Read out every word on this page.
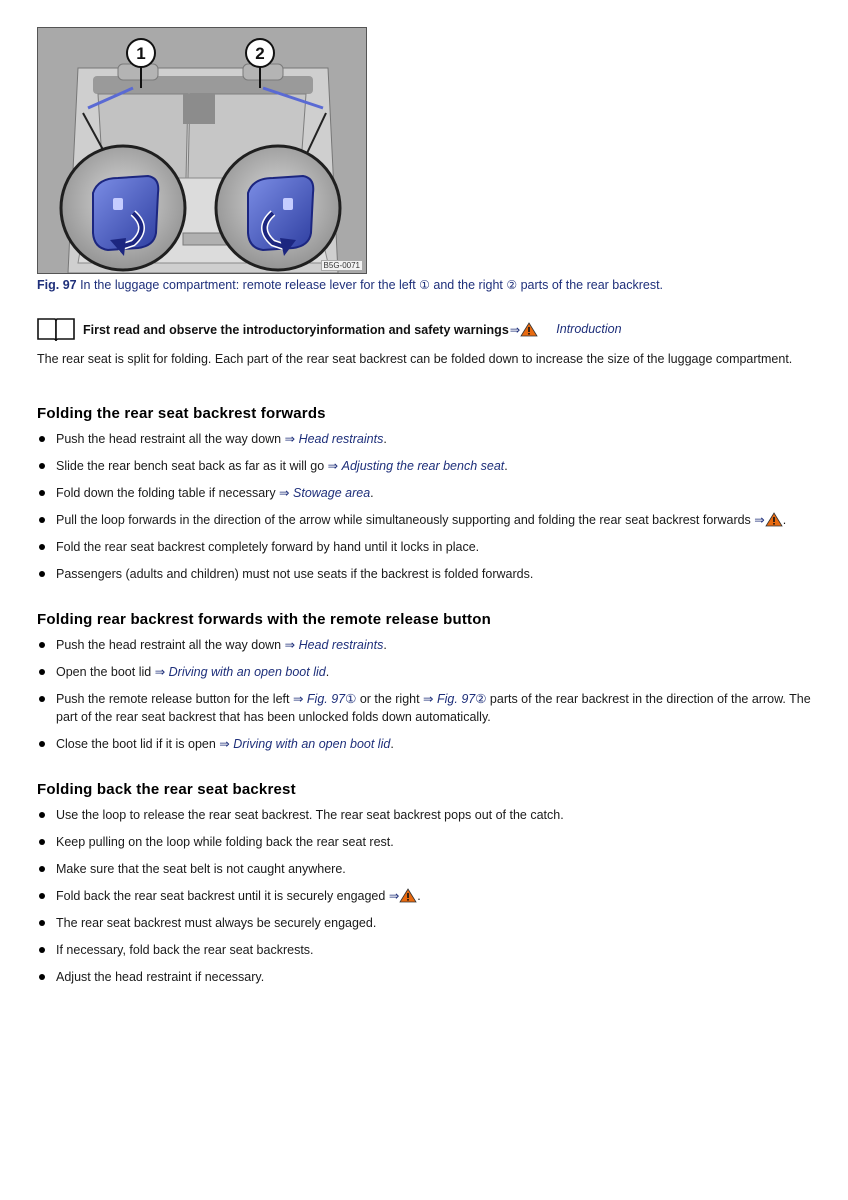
1	2
B5G-0071
Fig. 97 In the luggage compartment: remote release lever for the left ① and the right ② parts of the rear backrest.
First read and observe the introductoryinformation and safety warnings⇒	Introduction
The rear seat is split for folding. Each part of the rear seat backrest can be folded down to increase the size of the luggage compartment.
Folding the rear seat backrest forwards
Push the head restraint all the way down ⇒ Head restraints.
Slide the rear bench seat back as far as it will go ⇒ Adjusting the rear bench seat.
Fold down the folding table if necessary ⇒ Stowage area.
Pull the loop forwards in the direction of the arrow while simultaneously supporting and folding the rear seat backrest forwards ⇒ .
Fold the rear seat backrest completely forward by hand until it locks in place.
Passengers (adults and children) must not use seats if the backrest is folded forwards.
Folding rear backrest forwards with the remote release button
Push the head restraint all the way down ⇒ Head restraints.
Open the boot lid ⇒ Driving with an open boot lid.
Push the remote release button for the left ⇒ Fig. 97① or the right ⇒ Fig. 97② parts of the rear backrest in the direction of the arrow. The part of the rear seat backrest that has been unlocked folds down automatically.
Close the boot lid if it is open ⇒ Driving with an open boot lid.
Folding back the rear seat backrest
Use the loop to release the rear seat backrest. The rear seat backrest pops out of the catch.
Keep pulling on the loop while folding back the rear seat rest.
Make sure that the seat belt is not caught anywhere.
Fold back the rear seat backrest until it is securely engaged ⇒ .
The rear seat backrest must always be securely engaged.
If necessary, fold back the rear seat backrests.
Adjust the head restraint if necessary.
